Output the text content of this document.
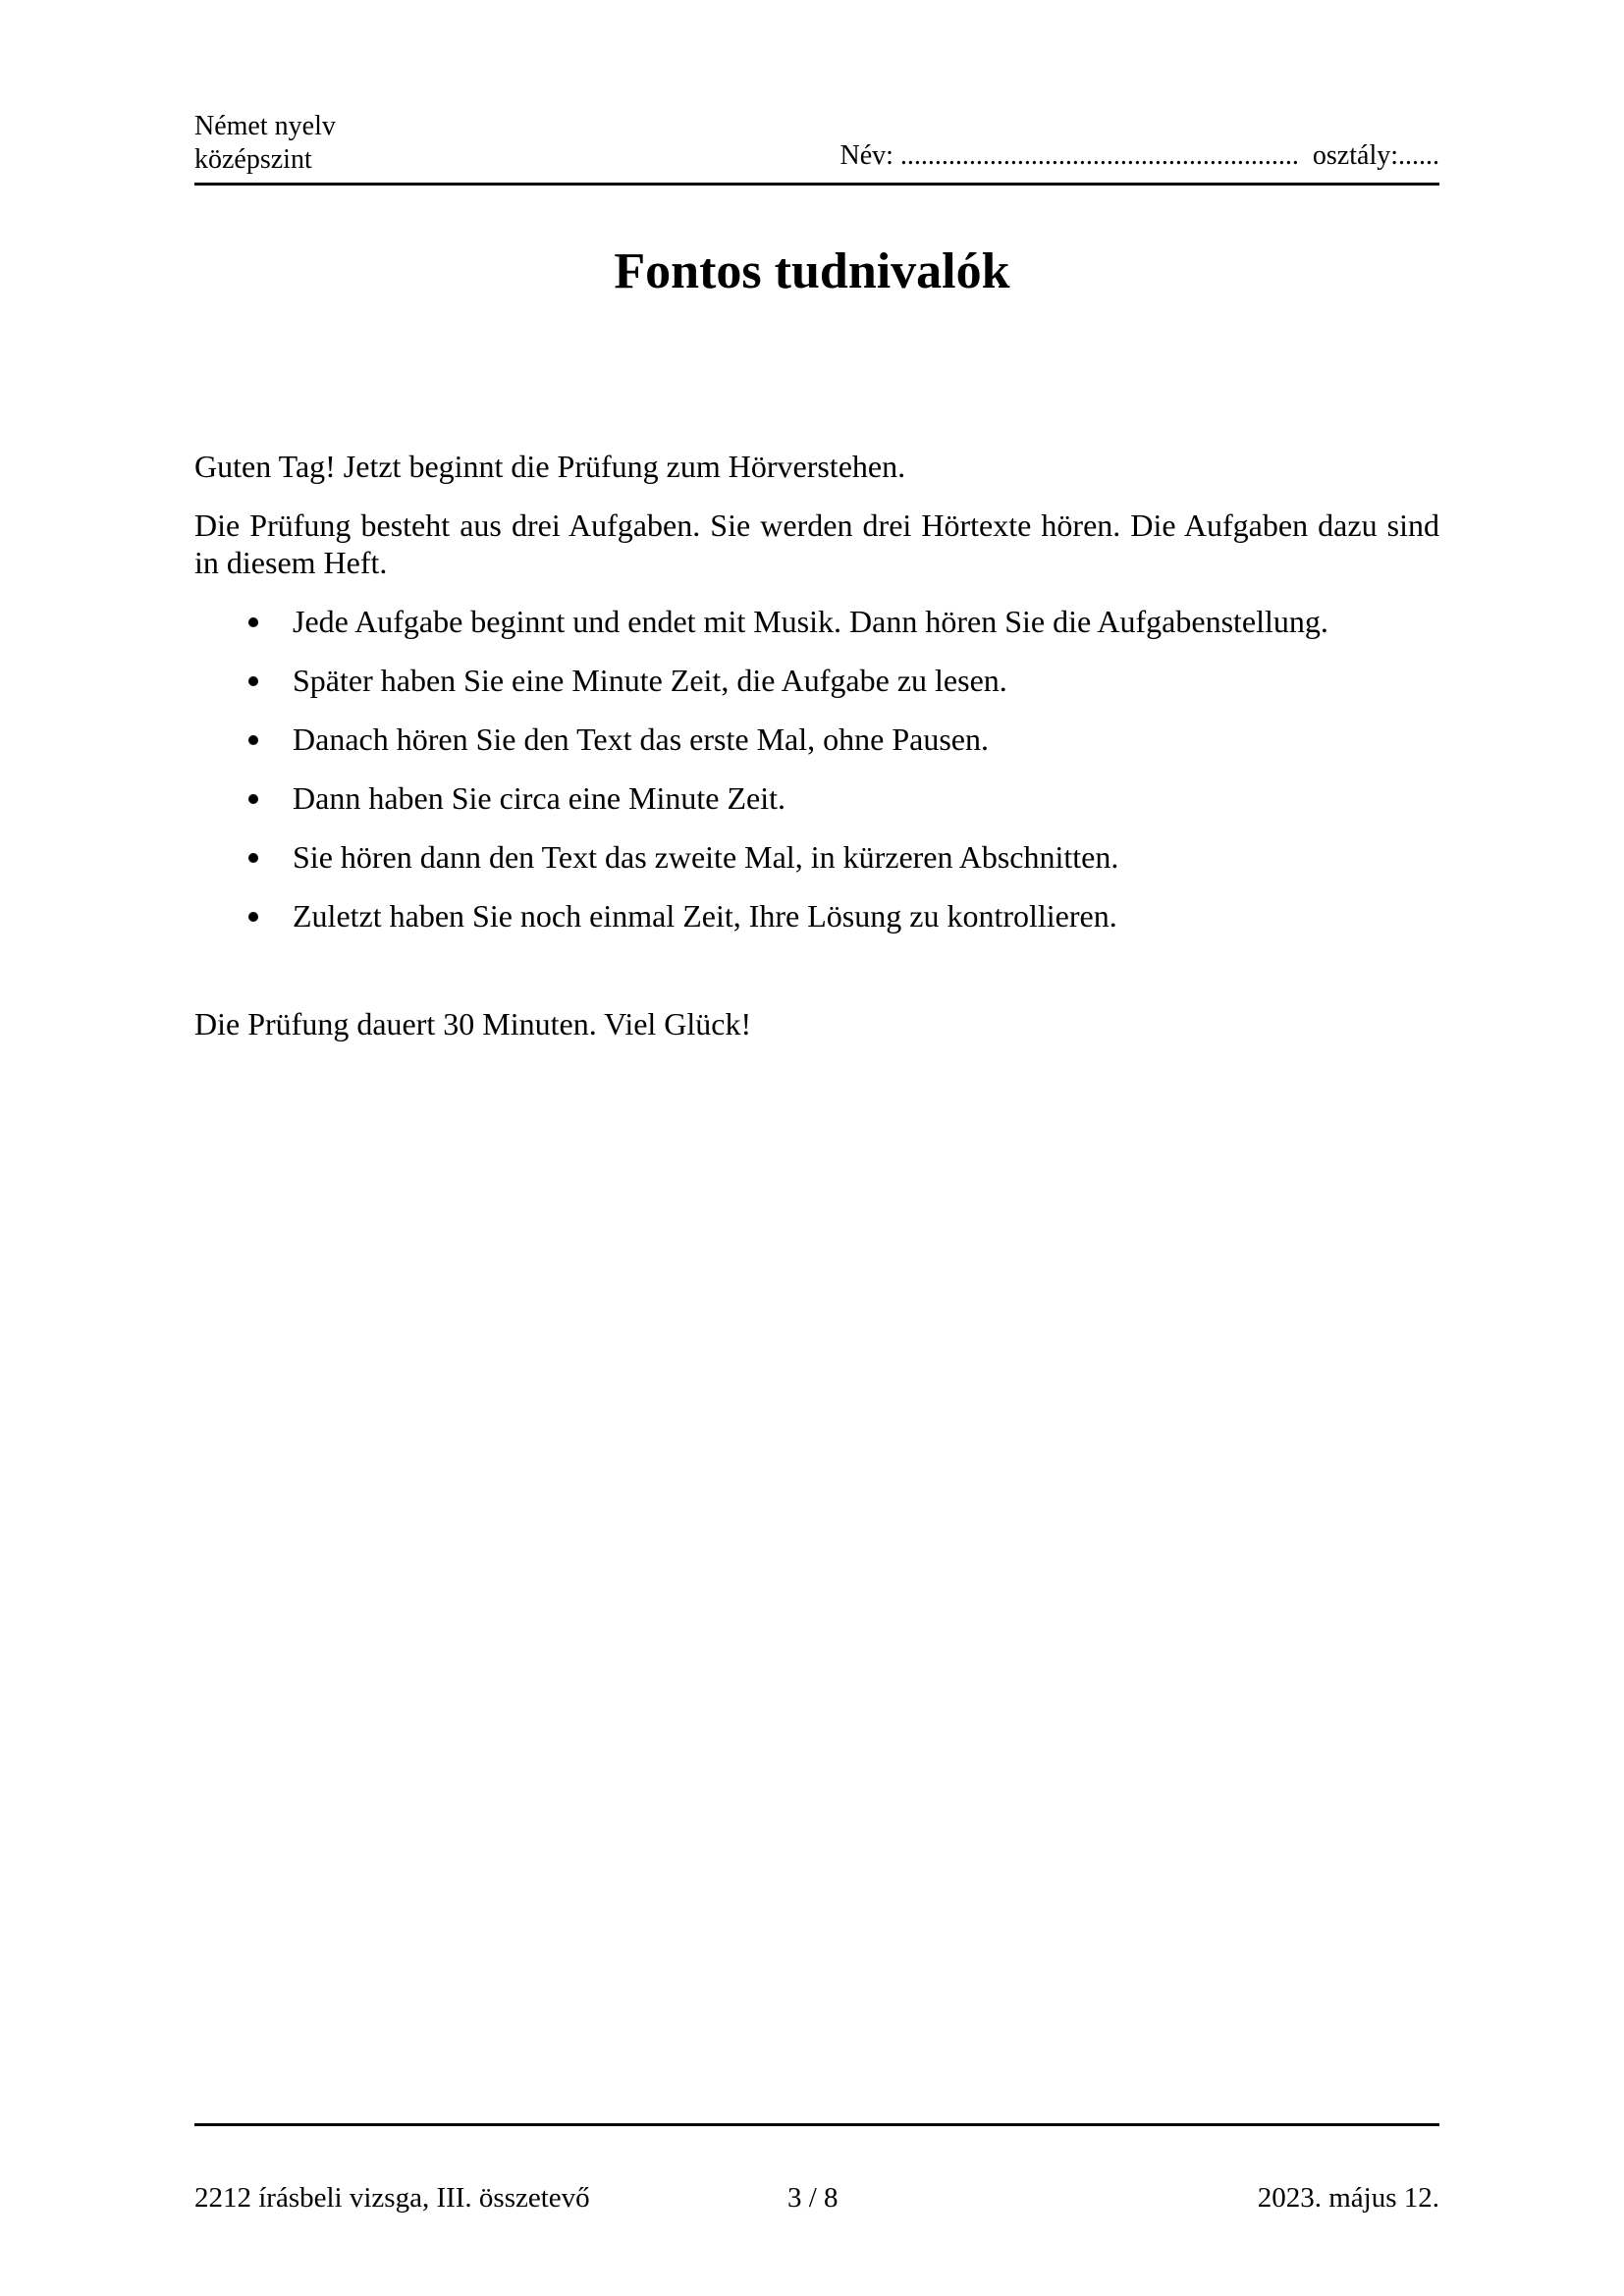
Német nyelv
középszint	Név: .......................................................... osztály:......
Fontos tudnivalók

Guten Tag! Jetzt beginnt die Prüfung zum Hörverstehen.

Die Prüfung besteht aus drei Aufgaben. Sie werden drei Hörtexte hören. Die Aufgaben dazu sind in diesem Heft.

Jede Aufgabe beginnt und endet mit Musik. Dann hören Sie die Aufgabenstellung.
Später haben Sie eine Minute Zeit, die Aufgabe zu lesen.
Danach hören Sie den Text das erste Mal, ohne Pausen.
Dann haben Sie circa eine Minute Zeit.
Sie hören dann den Text das zweite Mal, in kürzeren Abschnitten.
Zuletzt haben Sie noch einmal Zeit, Ihre Lösung zu kontrollieren.

Die Prüfung dauert 30 Minuten. Viel Glück!

2212 írásbeli vizsga, III. összetevő	3 / 8	2023. május 12.
